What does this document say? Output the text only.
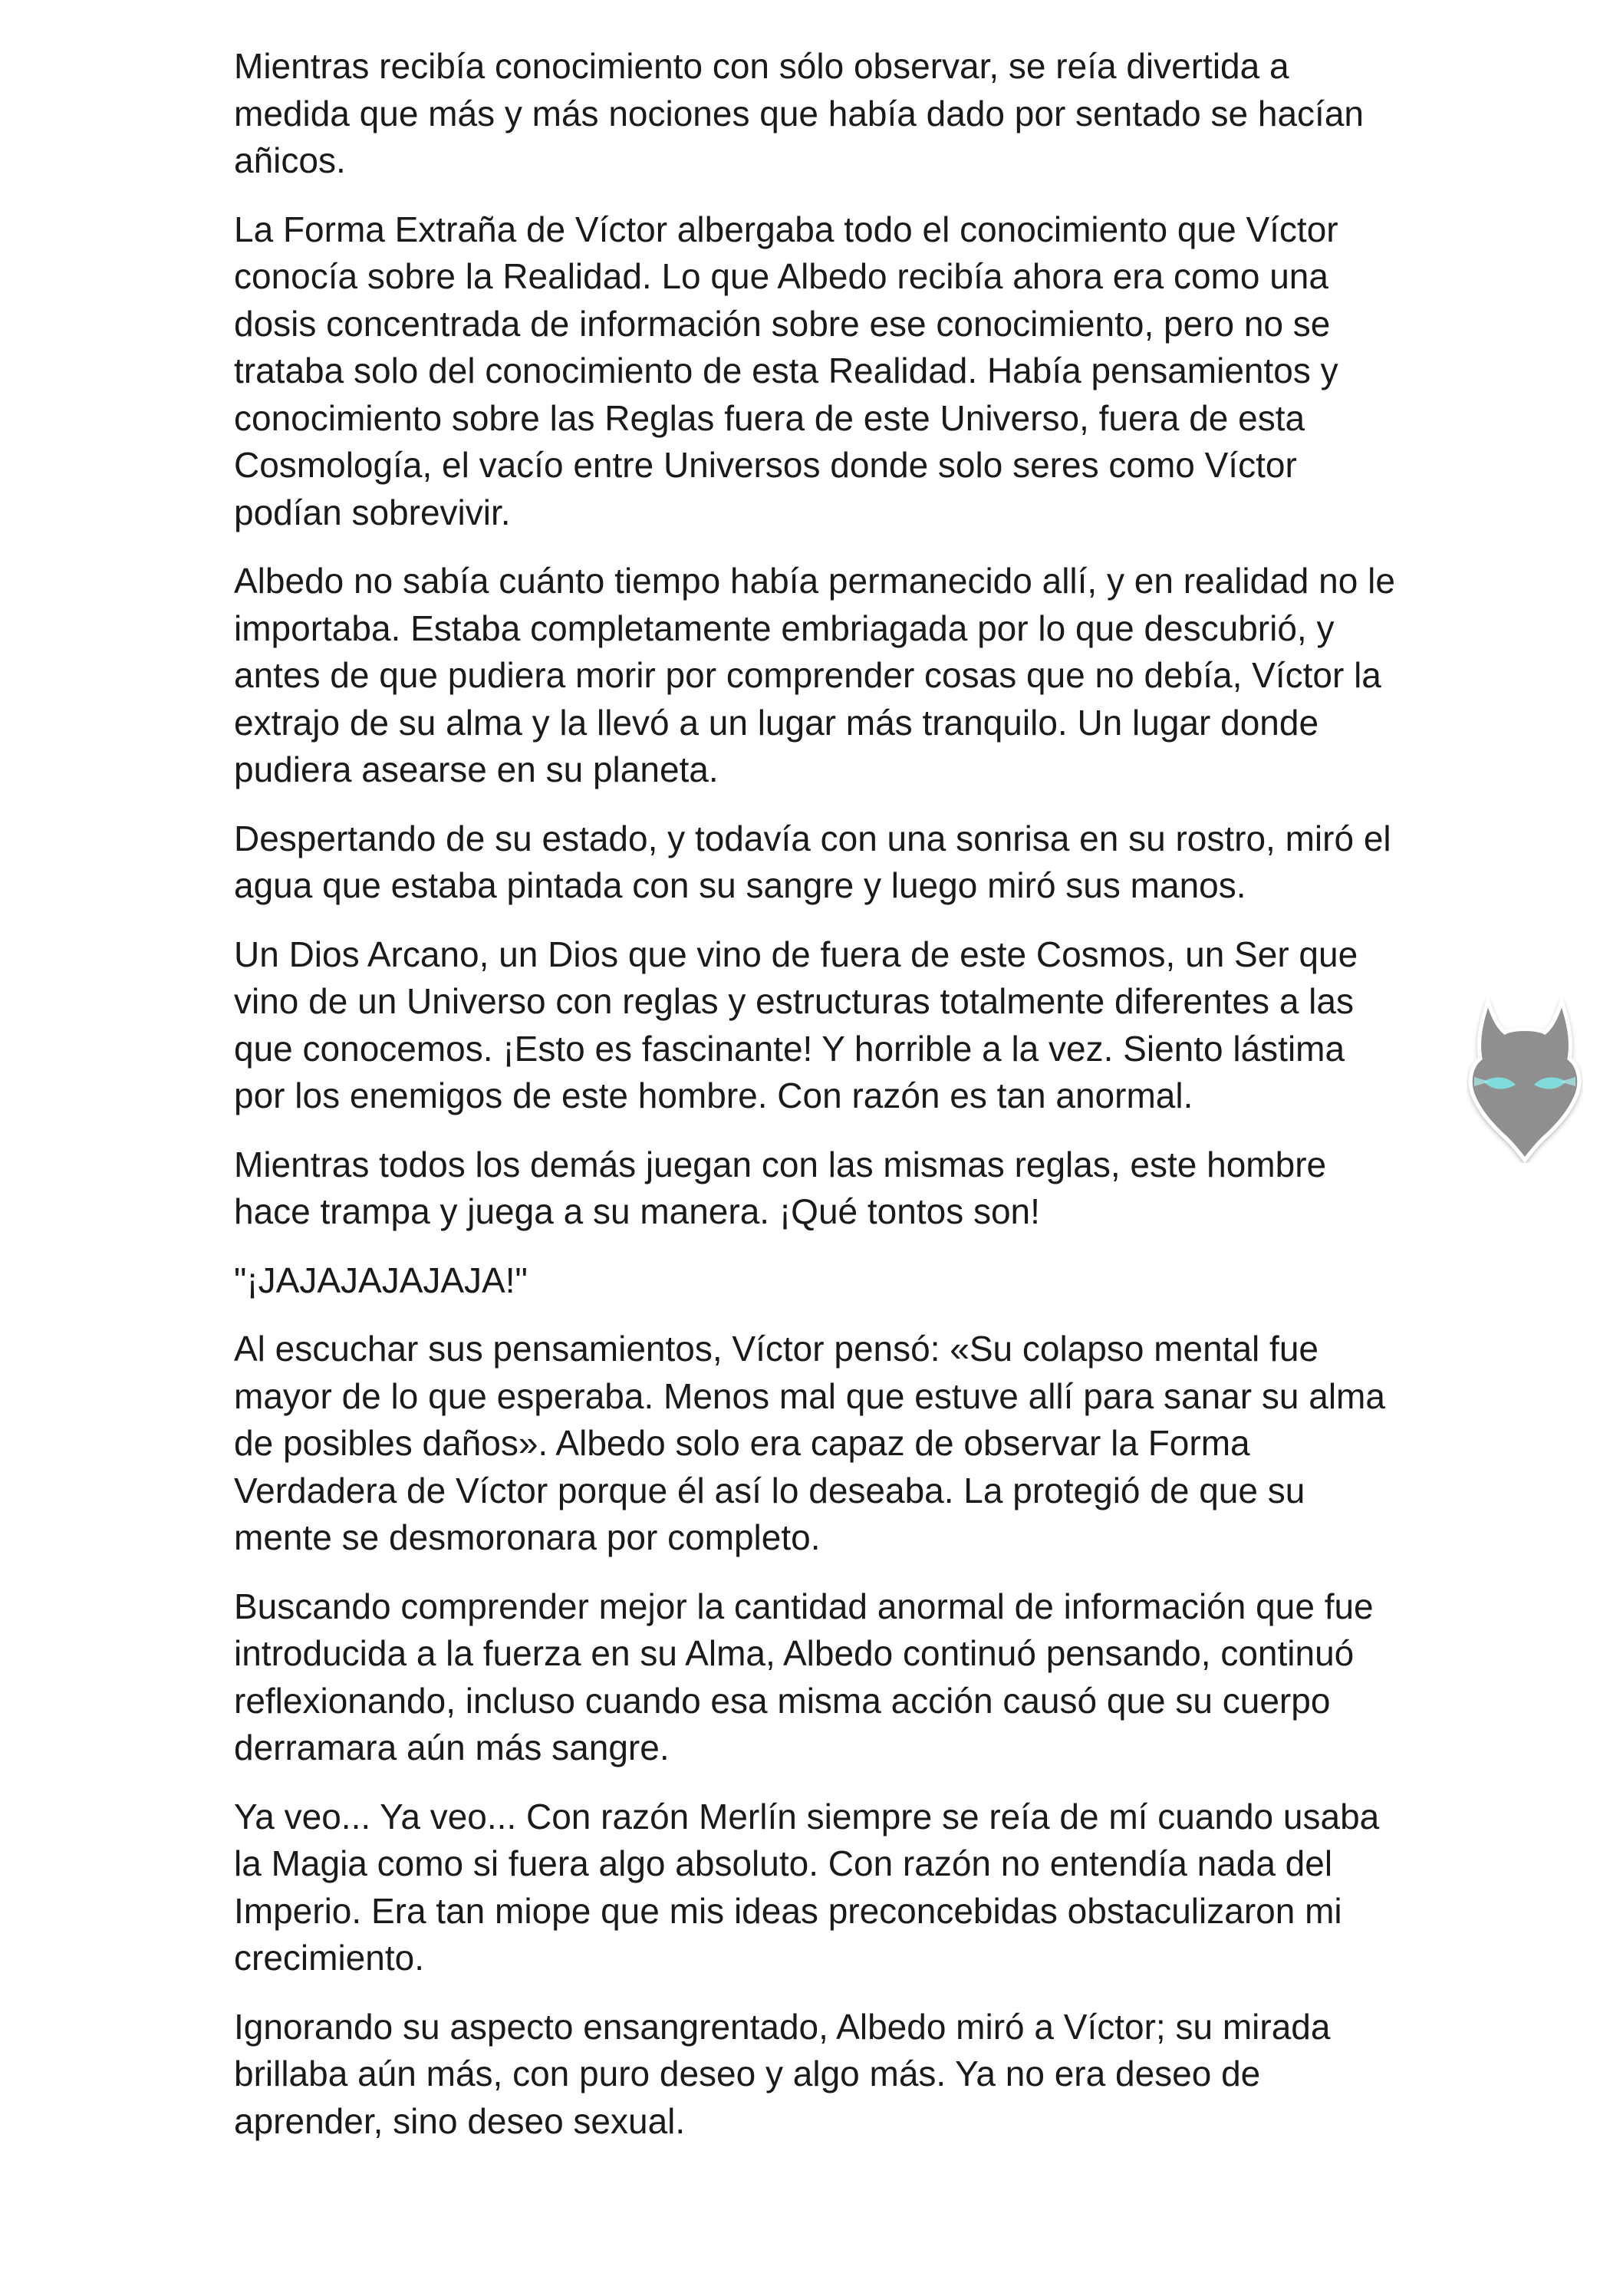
Mientras recibía conocimiento con sólo observar, se reía divertida a medida que más y más nociones que había dado por sentado se hacían añicos.

La Forma Extraña de Víctor albergaba todo el conocimiento que Víctor conocía sobre la Realidad. Lo que Albedo recibía ahora era como una dosis concentrada de información sobre ese conocimiento, pero no se trataba solo del conocimiento de esta Realidad. Había pensamientos y conocimiento sobre las Reglas fuera de este Universo, fuera de esta Cosmología, el vacío entre Universos donde solo seres como Víctor podían sobrevivir.

Albedo no sabía cuánto tiempo había permanecido allí, y en realidad no le importaba. Estaba completamente embriagada por lo que descubrió, y antes de que pudiera morir por comprender cosas que no debía, Víctor la extrajo de su alma y la llevó a un lugar más tranquilo. Un lugar donde pudiera asearse en su planeta.

Despertando de su estado, y todavía con una sonrisa en su rostro, miró el agua que estaba pintada con su sangre y luego miró sus manos.

Un Dios Arcano, un Dios que vino de fuera de este Cosmos, un Ser que vino de un Universo con reglas y estructuras totalmente diferentes a las que conocemos. ¡Esto es fascinante! Y horrible a la vez. Siento lástima por los enemigos de este hombre. Con razón es tan anormal.

Mientras todos los demás juegan con las mismas reglas, este hombre hace trampa y juega a su manera. ¡Qué tontos son!

"¡JAJAJAJAJAJA!"

Al escuchar sus pensamientos, Víctor pensó: «Su colapso mental fue mayor de lo que esperaba. Menos mal que estuve allí para sanar su alma de posibles daños». Albedo solo era capaz de observar la Forma Verdadera de Víctor porque él así lo deseaba. La protegió de que su mente se desmoronara por completo.

Buscando comprender mejor la cantidad anormal de información que fue introducida a la fuerza en su Alma, Albedo continuó pensando, continuó reflexionando, incluso cuando esa misma acción causó que su cuerpo derramara aún más sangre.

Ya veo... Ya veo... Con razón Merlín siempre se reía de mí cuando usaba la Magia como si fuera algo absoluto. Con razón no entendía nada del Imperio. Era tan miope que mis ideas preconcebidas obstaculizaron mi crecimiento.

Ignorando su aspecto ensangrentado, Albedo miró a Víctor; su mirada brillaba aún más, con puro deseo y algo más. Ya no era deseo de aprender, sino deseo sexual.
